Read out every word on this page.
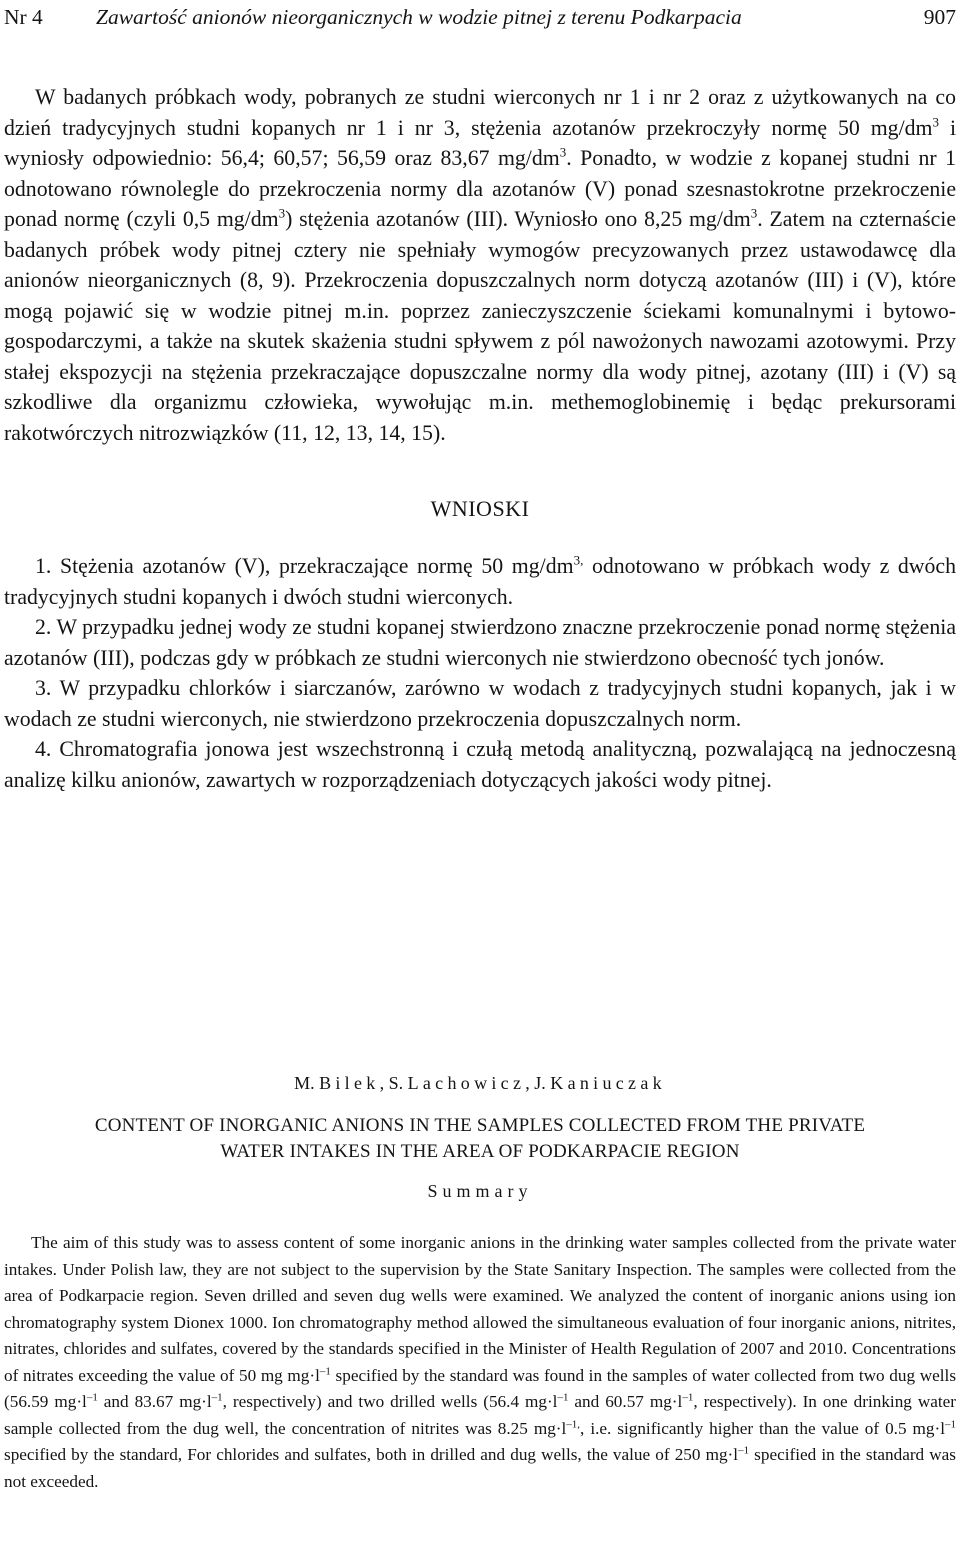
Nr 4 Zawartość anionów nieorganicznych w wodzie pitnej z terenu Podkarpacia	907

W badanych próbkach wody, pobranych ze studni wierconych nr 1 i nr 2 oraz z użytkowanych na co dzień tradycyjnych studni kopanych nr 1 i nr 3, stężenia azotanów przekroczyły normę 50 $mg/dm^3$ i wyniosły odpowiednio: 56,4; 60,57; 56,59 oraz 83,67 $mg/dm^3$. Ponadto, w wodzie z kopanej studni nr 1 odnotowano równolegle do przekroczenia normy dla azotanów (V) ponad szesnastokrotne przekroczenie ponad normę (czyli 0,5 $mg/dm^3$) stężenia azotanów (III). Wyniosło ono 8,25 $mg/dm^3$. Zatem na czternaście badanych próbek wody pitnej cztery nie spełniały wymogów precyzowanych przez ustawodawcę dla anionów nieorganicznych (8, 9). Przekroczenia dopuszczalnych norm dotyczą azotanów (III) i (V), które mogą pojawić się w wodzie pitnej m.in. poprzez zanieczyszczenie ściekami komunalnymi i bytowo-gospodarczymi, a także na skutek skażenia studni spływem z pól nawożonych nawozami azotowymi. Przy stałej ekspozycji na stężenia przekraczające dopuszczalne normy dla wody pitnej, azotany (III) i (V) są szkodliwe dla organizmu człowieka, wywołując m.in. methemoglobinemię i będąc prekursorami rakotwórczych nitrozwiązków (11, 12, 13, 14, 15).

WNIOSKI

1. Stężenia azotanów (V), przekraczające normę 50 $mg/dm^{3,}$ odnotowano w próbkach wody z dwóch tradycyjnych studni kopanych i dwóch studni wierconych.

2. W przypadku jednej wody ze studni kopanej stwierdzono znaczne przekroczenie ponad normę stężenia azotanów (III), podczas gdy w próbkach ze studni wierconych nie stwierdzono obecność tych jonów.

3. W przypadku chlorków i siarczanów, zarówno w wodach z tradycyjnych studni kopanych, jak i w wodach ze studni wierconych, nie stwierdzono przekroczenia dopuszczalnych norm.

4. Chromatografia jonowa jest wszechstronną i czułą metodą analityczną, pozwalającą na jednoczesną analizę kilku anionów, zawartych w rozporządzeniach dotyczących jakości wody pitnej.

M. Bilek, S. Lachowicz, J. Kaniuczak
CONTENT OF INORGANIC ANIONS IN THE SAMPLES COLLECTED FROM THE PRIVATE
WATER INTAKES IN THE AREA OF PODKARPACIE REGION
Summary

The aim of this study was to assess content of some inorganic anions in the drinking water samples collected from the private water intakes. Under Polish law, they are not subject to the supervision by the State Sanitary Inspection. The samples were collected from the area of Podkarpacie region. Seven drilled and seven dug wells were examined. We analyzed the content of inorganic anions using ion chromatography system Dionex 1000. Ion chromatography method allowed the simultaneous evaluation of four inorganic anions, nitrites, nitrates, chlorides and sulfates, covered by the standards specified in the Minister of Health Regulation of 2007 and 2010. Concentrations of nitrates exceeding the value of 50 mg $mg\cdot l^{-1}$ specified by the standard was found in the samples of water collected from two dug wells (56.59 $mg\cdot l^{-1}$ and 83.67 $mg\cdot l^{-1}$, respectively) and two drilled wells (56.4 $mg\cdot l^{-1}$ and 60.57 $mg\cdot l^{-1}$, respectively). In one drinking water sample collected from the dug well, the concentration of nitrites was 8.25 $mg\cdot l^{-1,}$, i.e. significantly higher than the value of 0.5 $mg\cdot l^{-1}$ specified by the standard, For chlorides and sulfates, both in drilled and dug wells, the value of 250 $mg\cdot l^{-1}$ specified in the standard was not exceeded.
